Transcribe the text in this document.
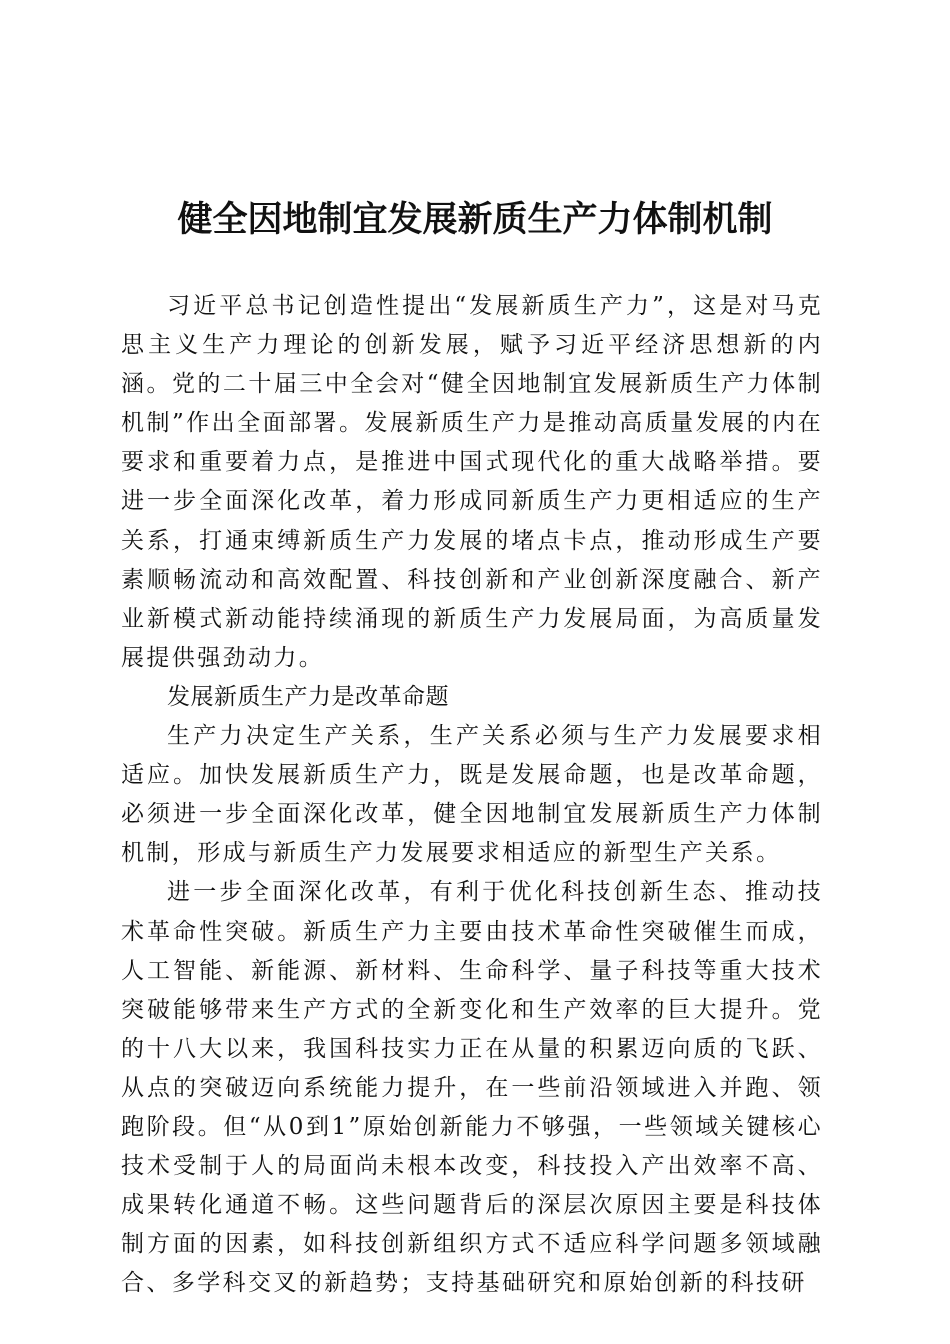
健全因地制宜发展新质生产力体制机制

习近平总书记创造性提出“发展新质生产力”，这是对马克思主义生产力理论的创新发展，赋予习近平经济思想新的内涵。党的二十届三中全会对“健全因地制宜发展新质生产力体制机制”作出全面部署。发展新质生产力是推动高质量发展的内在要求和重要着力点，是推进中国式现代化的重大战略举措。要进一步全面深化改革，着力形成同新质生产力更相适应的生产关系，打通束缚新质生产力发展的堵点卡点，推动形成生产要素顺畅流动和高效配置、科技创新和产业创新深度融合、新产业新模式新动能持续涌现的新质生产力发展局面，为高质量发展提供强劲动力。

发展新质生产力是改革命题

生产力决定生产关系，生产关系必须与生产力发展要求相适应。加快发展新质生产力，既是发展命题，也是改革命题，必须进一步全面深化改革，健全因地制宜发展新质生产力体制机制，形成与新质生产力发展要求相适应的新型生产关系。

进一步全面深化改革，有利于优化科技创新生态、推动技术革命性突破。新质生产力主要由技术革命性突破催生而成，人工智能、新能源、新材料、生命科学、量子科技等重大技术突破能够带来生产方式的全新变化和生产效率的巨大提升。党的十八大以来，我国科技实力正在从量的积累迈向质的飞跃、从点的突破迈向系统能力提升，在一些前沿领域进入并跑、领跑阶段。但“从0到1”原始创新能力不够强，一些领域关键核心技术受制于人的局面尚未根本改变，科技投入产出效率不高、成果转化通道不畅。这些问题背后的深层次原因主要是科技体制方面的因素，如科技创新组织方式不适应科学问题多领域融合、多学科交叉的新趋势；支持基础研究和原始创新的科技研
